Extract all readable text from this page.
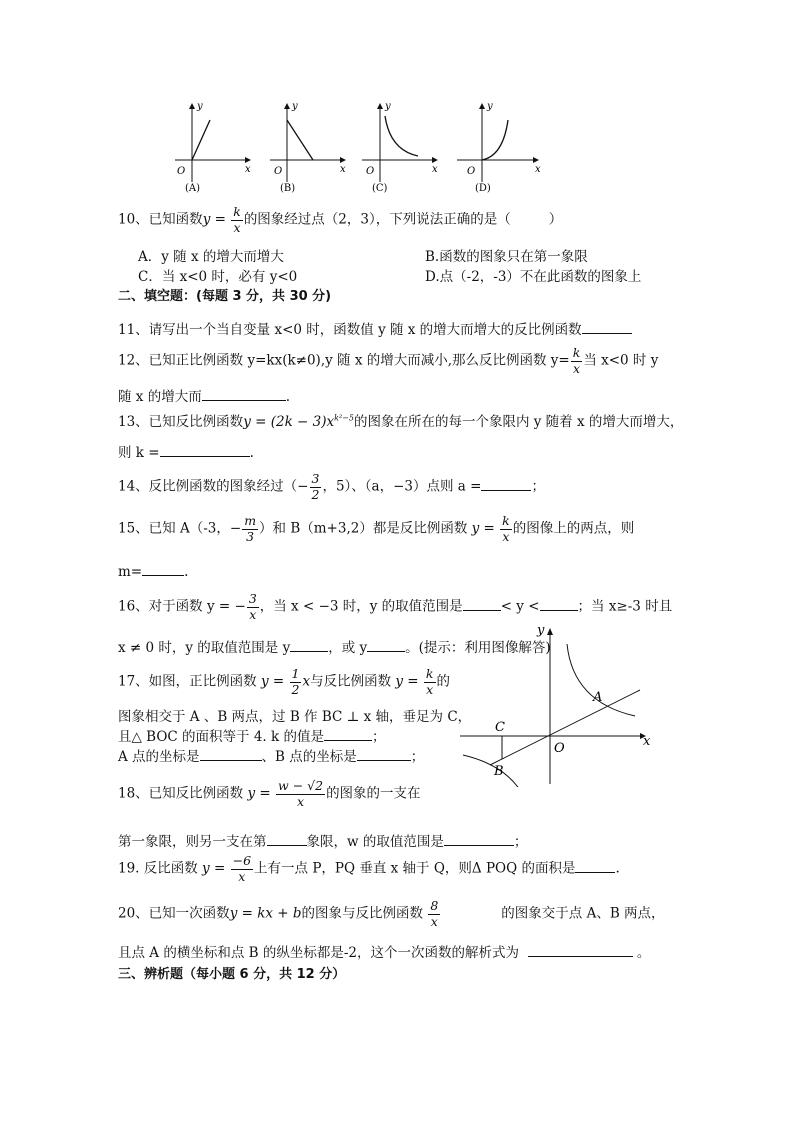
O	x
y
(A)
O	x
y
(B)
O	x
y
(C)
O	x
y
(D)
10、已知函数$y = \frac{k}{x}$ 的图象经过点（2，3），下列说法正确的是（	）
A．y 随 x 的增大而增大	B.函数的图象只在第一象限
C．当 x<0 时，必有 y<0	D.点（-2，-3）不在此函数的图象上
二、填空题：(每题 3 分，共 30 分)
11、请写出一个当自变量 x<0 时，函数值 y 随 x 的增大而增大的反比例函数
12、已知正比例函数 y=kx(k≠0),y 随 x 的增大而减小,那么反比例函数 $y= \frac{k}{x}$ 当 x<0 时 y
随 x 的增大而	.
13、已知反比例函数$y = (2k - 3)x^{k^2-5}$的图象在所在的每一个象限内 y 随着 x 的增大而增大，
则 k =	.
14、反比例函数的图象经过（− $\frac{3}{2}$ ，5）、（a，−3）点则 a =	；
15、已知 A（-3，− $\frac{m}{3}$ ）和 B（m+3,2）都是反比例函数 $y = \frac{k}{x}$ 的图像上的两点，则
m=	.
16、对于函数 y = − $\frac{3}{x}$ ，当 x < −3 时，y 的取值范围是	< y <	；当 x≥-3 时且
x ≠ 0 时，y 的取值范围是 y	，或 y	。(提示：利用图像解答)
A
B
C
O	x
y
17、如图，正比例函数 $y = \frac{1}{2}$ x与反比例函数 $y = \frac{k}{x}$ 的
图象相交于 A 、B 两点，过 B 作 BC ⊥ x 轴，垂足为 C，
且△ BOC 的面积等于 4. k 的值是	；
A 点的坐标是	、B 点的坐标是	；
18、已知反比例函数 $y = \frac{w - √2}{x}$ 的图象的一支在
第一象限，则另一支在第	象限，w 的取值范围是	；
19. 反比函数 $y = \frac{-6}{x}$ 上有一点 P，PQ 垂直 x 轴于 Q，则Δ POQ 的面积是	.
20、已知一次函数y = kx + b的图象与反比例函数 $\frac{8}{x}$	的图象交于点 A、B 两点，
且点 A 的横坐标和点 B 的纵坐标都是-2，这个一次函数的解析式为	。
三、辨析题（每小题 6 分，共 12 分）
